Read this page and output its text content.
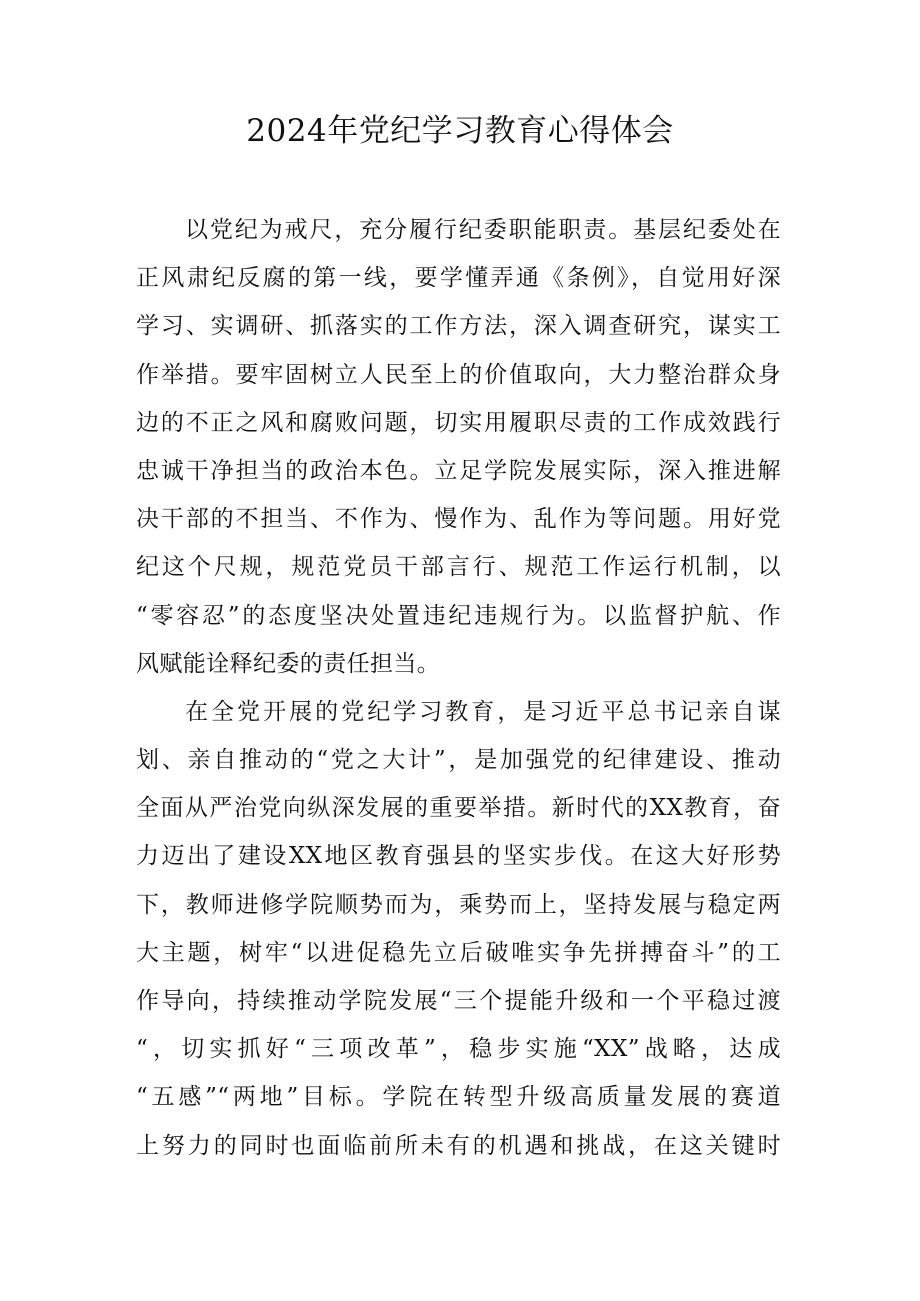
2024年党纪学习教育心得体会
以党纪为戒尺，充分履行纪委职能职责。基层纪委处在
正风肃纪反腐的第一线，要学懂弄通《条例》，自觉用好深
学习、实调研、抓落实的工作方法，深入调查研究，谋实工
作举措。要牢固树立人民至上的价值取向，大力整治群众身
边的不正之风和腐败问题，切实用履职尽责的工作成效践行
忠诚干净担当的政治本色。立足学院发展实际，深入推进解
决干部的不担当、不作为、慢作为、乱作为等问题。用好党
纪这个尺规，规范党员干部言行、规范工作运行机制，以
“零容忍”的态度坚决处置违纪违规行为。以监督护航、作
风赋能诠释纪委的责任担当。
在全党开展的党纪学习教育，是习近平总书记亲自谋
划、亲自推动的“党之大计”，是加强党的纪律建设、推动
全面从严治党向纵深发展的重要举措。新时代的XX教育，奋
力迈出了建设XX地区教育强县的坚实步伐。在这大好形势
下，教师进修学院顺势而为，乘势而上，坚持发展与稳定两
大主题，树牢“以进促稳先立后破唯实争先拼搏奋斗”的工
作导向，持续推动学院发展“三个提能升级和一个平稳过渡
“，切实抓好“三项改革”，稳步实施“XX”战略，达成
“五感”“两地”目标。学院在转型升级高质量发展的赛道
上努力的同时也面临前所未有的机遇和挑战，在这关键时
